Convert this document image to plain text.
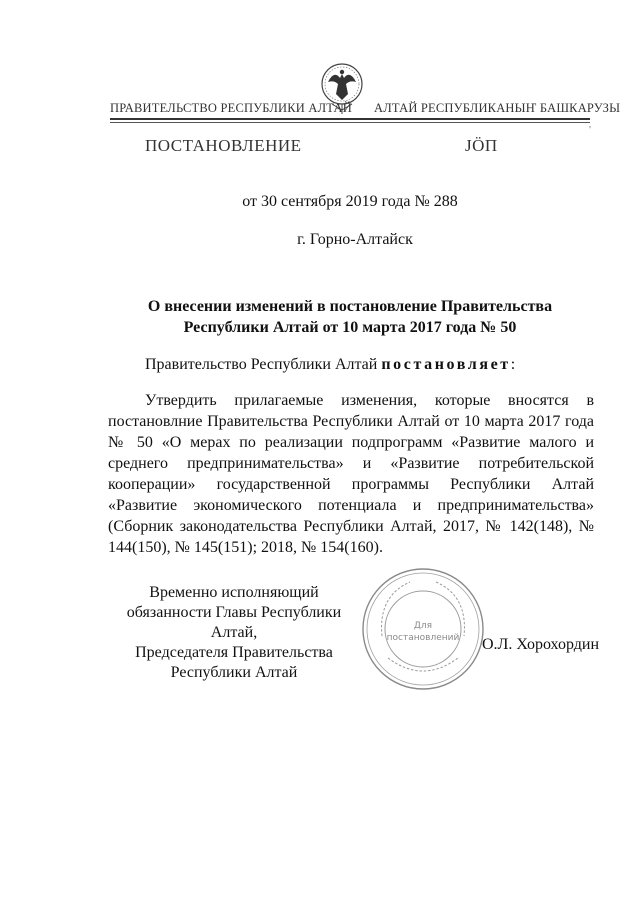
ПРАВИТЕЛЬСТВО РЕСПУБЛИКИ АЛТАЙ АЛТАЙ РЕСПУБЛИКАНЫҤ БАШКАРУЗЫ
'
ПОСТАНОВЛЕНИЕ	ЈӦП
от 30 сентября 2019 года № 288
г. Горно-Алтайск
О внесении изменений в постановление Правительства Республики Алтай от 10 марта 2017 года № 50
Правительство Республики Алтай постановляет:
Утвердить прилагаемые изменения, которые вносятся в постановлние Правительства Республики Алтай от 10 марта 2017 года № 50 «О мерах по реализации подпрограмм «Развитие малого и среднего предпринимательства» и «Развитие потребительской кооперации» государственной программы Республики Алтай «Развитие экономического потенциала и предпринимательства» (Сборник законодательства Республики Алтай, 2017, № 142(148), № 144(150), № 145(151); 2018, № 154(160).
Временно исполняющий
обязанности Главы Республики Алтай,
Председателя Правительства
Республики Алтай
Для
постановлений О.Л. Хорохордин
